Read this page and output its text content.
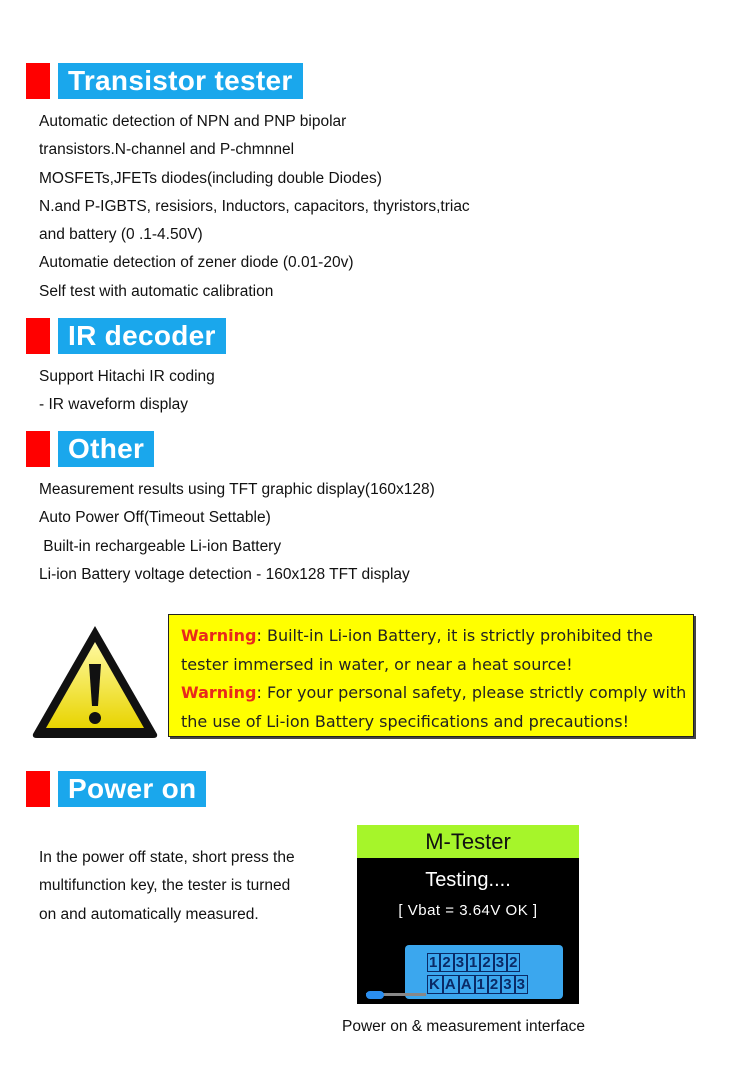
Transistor tester
Automatic detection of NPN and PNP bipolar
transistors.N-channel and P-chmnnel
MOSFETs,JFETs diodes(including double Diodes)
N.and P-IGBTS, resisiors, Inductors, capacitors, thyristors,triac
and battery (0 .1-4.50V)
Automatie detection of zener diode (0.01-20v)
Self test with automatic calibration
IR decoder
Support Hitachi IR coding
- IR waveform display
Other
Measurement results using TFT graphic display(160x128)
Auto Power Off(Timeout Settable)
Built-in rechargeable Li-ion Battery
Li-ion Battery voltage detection - 160x128 TFT display
Warning: Built-in Li-ion Battery, it is strictly prohibited the tester immersed in water, or near a heat source!
Warning: For your personal safety, please strictly comply with the use of Li-ion Battery specifications and precautions!
Power on
In the power off state, short press the
multifunction key, the tester is turned
on and automatically measured.
M-Tester
Testing....
[ Vbat = 3.64V OK ]
1 2 3 1 2 3 2
K A A 1 2 3 3
Power on & measurement interface
